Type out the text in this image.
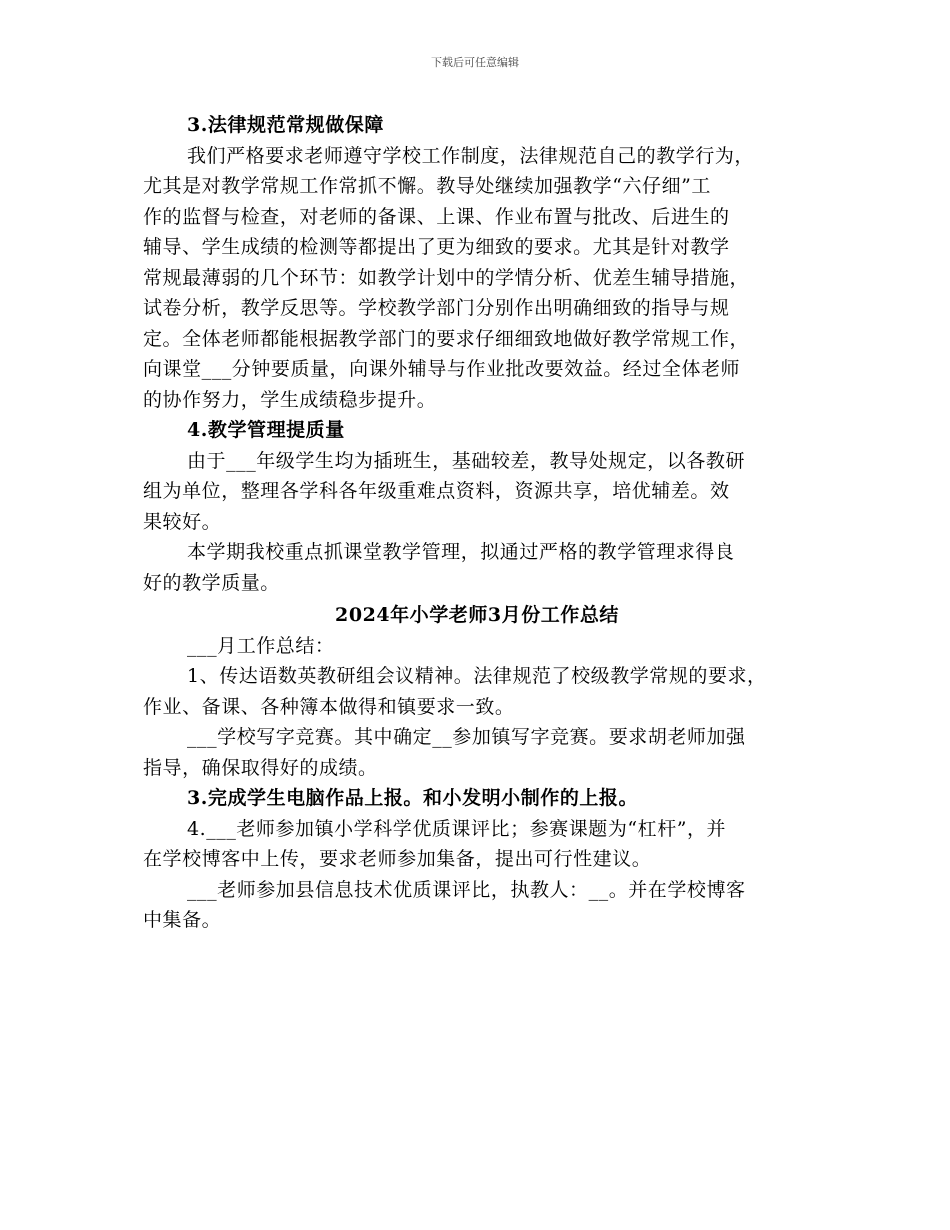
下载后可任意编辑
3.法律规范常规做保障
我们严格要求老师遵守学校工作制度，法律规范自己的教学行为，
尤其是对教学常规工作常抓不懈。教导处继续加强教学“六仔细”工
作的监督与检查，对老师的备课、上课、作业布置与批改、后进生的
辅导、学生成绩的检测等都提出了更为细致的要求。尤其是针对教学
常规最薄弱的几个环节：如教学计划中的学情分析、优差生辅导措施，
试卷分析，教学反思等。学校教学部门分别作出明确细致的指导与规
定。全体老师都能根据教学部门的要求仔细细致地做好教学常规工作，
向课堂___分钟要质量，向课外辅导与作业批改要效益。经过全体老师
的协作努力，学生成绩稳步提升。
4.教学管理提质量
由于___年级学生均为插班生，基础较差，教导处规定，以各教研
组为单位，整理各学科各年级重难点资料，资源共享，培优辅差。效
果较好。
本学期我校重点抓课堂教学管理，拟通过严格的教学管理求得良
好的教学质量。
2024年小学老师3月份工作总结
___月工作总结：
1、传达语数英教研组会议精神。法律规范了校级教学常规的要求，
作业、备课、各种簿本做得和镇要求一致。
___学校写字竞赛。其中确定__参加镇写字竞赛。要求胡老师加强
指导，确保取得好的成绩。
3.完成学生电脑作品上报。和小发明小制作的上报。
4.___老师参加镇小学科学优质课评比；参赛课题为“杠杆”，并
在学校博客中上传，要求老师参加集备，提出可行性建议。
___老师参加县信息技术优质课评比，执教人：__。并在学校博客
中集备。
